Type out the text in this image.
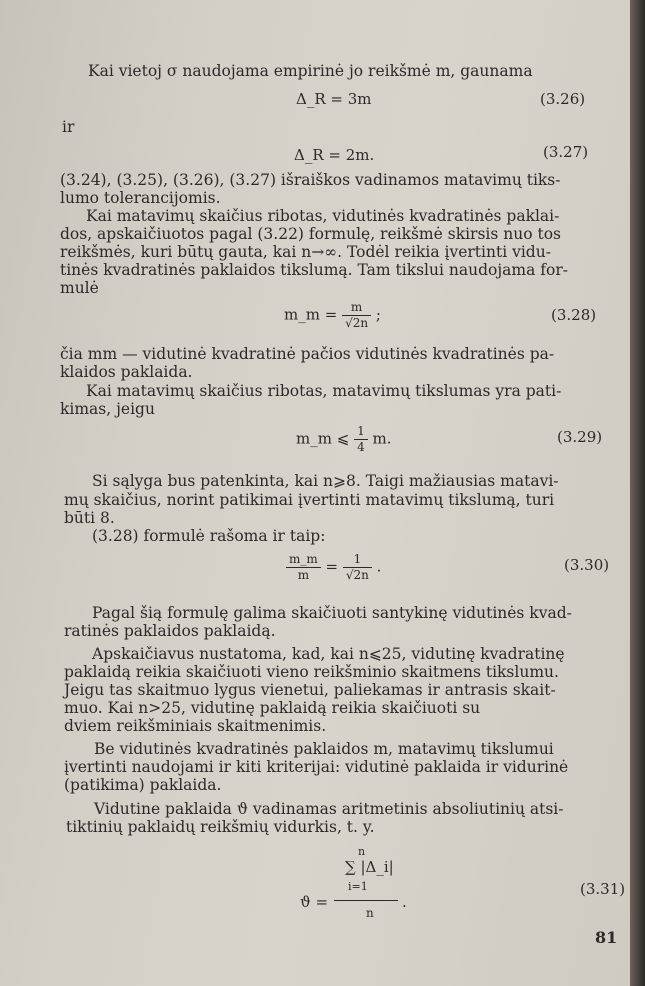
Kai vietoj σ naudojama empirinė jo reikšmė m, gaunama
Δ_R = 3m	(3.26)
ir
Δ_R = 2m.	(3.27)
(3.24), (3.25), (3.26), (3.27) išraiškos vadinamos matavimų tiks-
lumo tolerancijomis.
Kai matavimų skaičius ribotas, vidutinės kvadratinės paklai-
dos, apskaičiuotos pagal (3.22) formulę, reikšmė skirsis nuo tos
reikšmės, kuri būtų gauta, kai n→∞. Todėl reikia įvertinti vidu-
tinės kvadratinės paklaidos tikslumą. Tam tikslui naudojama for-
mulė
m_m = $\frac{m}{√2n}$ ;	(3.28)
čia mm — vidutinė kvadratinė pačios vidutinės kvadratinės pa-
klaidos paklaida.
Kai matavimų skaičius ribotas, matavimų tikslumas yra pati-
kimas, jeigu
m_m ⩽ $\frac{1}{4} m$.	(3.29)
Si sąlyga bus patenkinta, kai n⩾8. Taigi mažiausias matavi-
mų skaičius, norint patikimai įvertinti matavimų tikslumą, turi
būti 8.
(3.28) formulė rašoma ir taip:
$\frac{m\_m}{m} = \frac{1}{√2n}$ .	(3.30)
Pagal šią formulę galima skaičiuoti santykinę vidutinės kvad-
ratinės paklaidos paklaidą.
Apskaičiavus nustatoma, kad, kai n⩽25, vidutinę kvadratinę
paklaidą reikia skaičiuoti vieno reikšminio skaitmens tikslumu.
Jeigu tas skaitmuo lygus vienetui, paliekamas ir antrasis skait-
muo. Kai n>25, vidutinę paklaidą reikia skaičiuoti su
dviem reikšminiais skaitmenimis.
Be vidutinės kvadratinės paklaidos m, matavimų tikslumui
įvertinti naudojami ir kiti kriterijai: vidutinė paklaida ir vidurinė
(patikima) paklaida.
Vidutine paklaida ϑ vadinamas aritmetinis absoliutinių atsi-
tiktinių paklaidų reikšmių vidurkis, t. y.
n
∑ |Δ_i|
i=1
ϑ =	.
n
(3.31)
81
